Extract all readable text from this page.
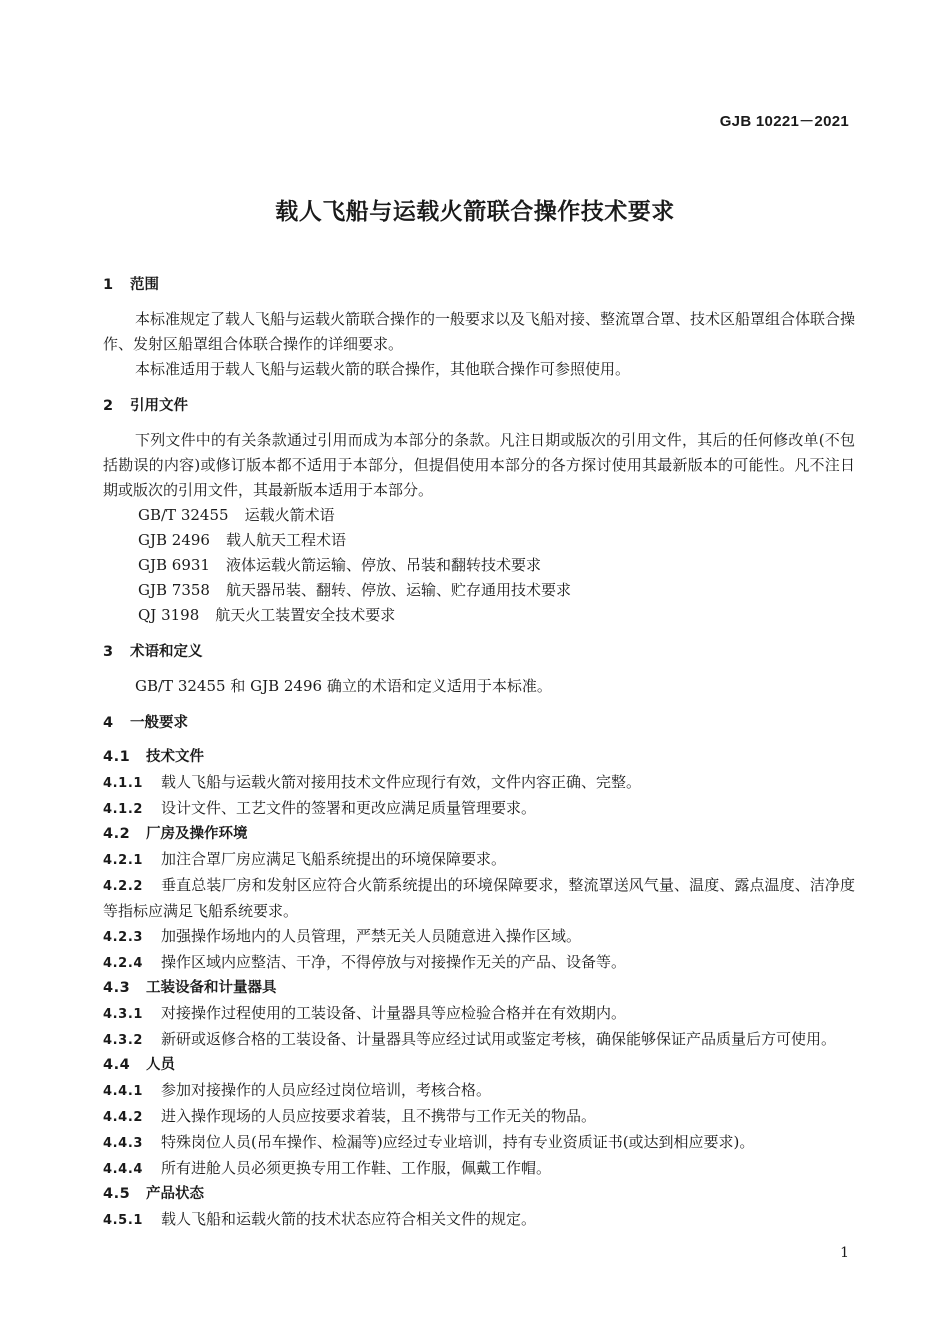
GJB 10221－2021
载人飞船与运载火箭联合操作技术要求
1 范围

本标准规定了载人飞船与运载火箭联合操作的一般要求以及飞船对接、整流罩合罩、技术区船罩组合体联合操作、发射区船罩组合体联合操作的详细要求。

本标准适用于载人飞船与运载火箭的联合操作，其他联合操作可参照使用。

2 引用文件

下列文件中的有关条款通过引用而成为本部分的条款。凡注日期或版次的引用文件，其后的任何修改单(不包括勘误的内容)或修订版本都不适用于本部分，但提倡使用本部分的各方探讨使用其最新版本的可能性。凡不注日期或版次的引用文件，其最新版本适用于本部分。

GB/T 32455 运载火箭术语
GJB 2496 载人航天工程术语
GJB 6931 液体运载火箭运输、停放、吊装和翻转技术要求
GJB 7358 航天器吊装、翻转、停放、运输、贮存通用技术要求
QJ 3198 航天火工装置安全技术要求
3 术语和定义

GB/T 32455 和 GJB 2496 确立的术语和定义适用于本标准。

4 一般要求
4.1 技术文件
4.1.1 载人飞船与运载火箭对接用技术文件应现行有效，文件内容正确、完整。
4.1.2 设计文件、工艺文件的签署和更改应满足质量管理要求。
4.2 厂房及操作环境
4.2.1 加注合罩厂房应满足飞船系统提出的环境保障要求。
4.2.2 垂直总装厂房和发射区应符合火箭系统提出的环境保障要求，整流罩送风气量、温度、露点温度、洁净度等指标应满足飞船系统要求。
4.2.3 加强操作场地内的人员管理，严禁无关人员随意进入操作区域。
4.2.4 操作区域内应整洁、干净，不得停放与对接操作无关的产品、设备等。
4.3 工装设备和计量器具
4.3.1 对接操作过程使用的工装设备、计量器具等应检验合格并在有效期内。
4.3.2 新研或返修合格的工装设备、计量器具等应经过试用或鉴定考核，确保能够保证产品质量后方可使用。
4.4 人员
4.4.1 参加对接操作的人员应经过岗位培训，考核合格。
4.4.2 进入操作现场的人员应按要求着装，且不携带与工作无关的物品。
4.4.3 特殊岗位人员(吊车操作、检漏等)应经过专业培训，持有专业资质证书(或达到相应要求)。
4.4.4 所有进舱人员必须更换专用工作鞋、工作服，佩戴工作帽。
4.5 产品状态
4.5.1 载人飞船和运载火箭的技术状态应符合相关文件的规定。
1
